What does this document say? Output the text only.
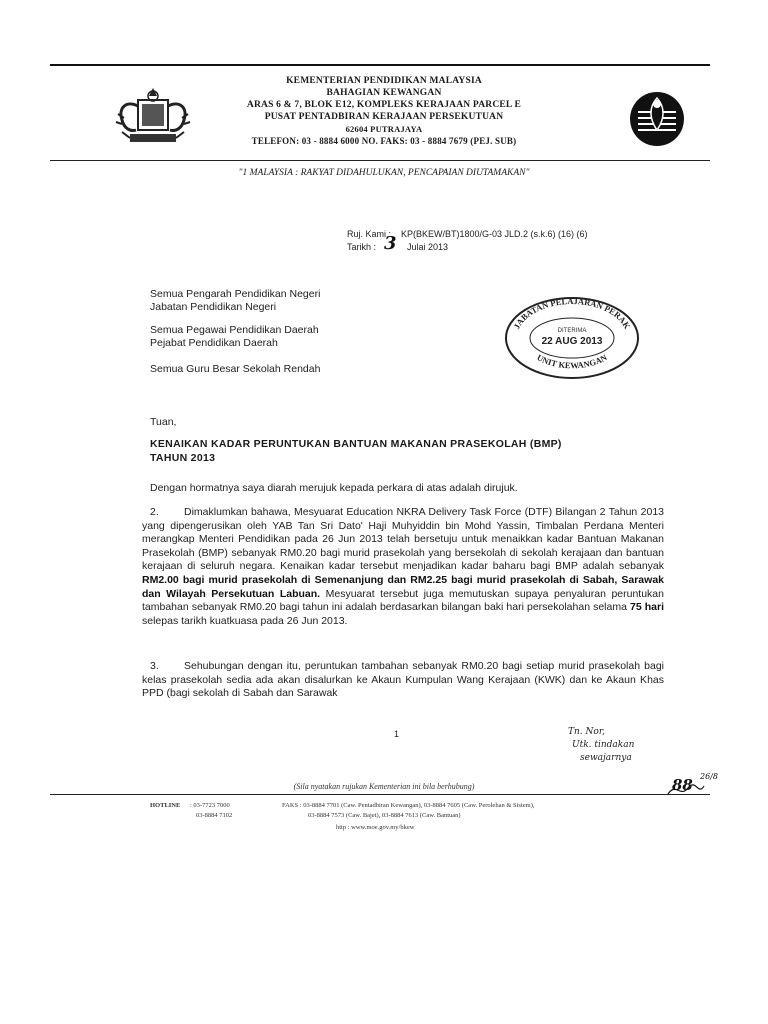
KEMENTERIAN PENDIDIKAN MALAYSIA
BAHAGIAN KEWANGAN
ARAS 6 & 7, BLOK E12, KOMPLEKS KERAJAAN PARCEL E
PUSAT PENTADBIRAN KERAJAAN PERSEKUTUAN
62604 PUTRAJAYA
TELEFON: 03 - 8884 6000 NO. FAKS: 03 - 8884 7679 (PEJ. SUB)
"1 MALAYSIA : RAKYAT DIDAHULUKAN, PENCAPAIAN DIUTAMAKAN"
Ruj. Kami : KP(BKEW/BT)1800/G-03 JLD.2 (s.k.6) (16) (6)
Tarikh : 3 Julai 2013
Semua Pengarah Pendidikan Negeri
Jabatan Pendidikan Negeri
Semua Pegawai Pendidikan Daerah
Pejabat Pendidikan Daerah
Semua Guru Besar Sekolah Rendah
JABATAN PELAJARAN PERAK
UNIT KEWANGAN
DITERIMA
22 AUG 2013
Tuan,
KENAIKAN KADAR PERUNTUKAN BANTUAN MAKANAN PRASEKOLAH (BMP)
TAHUN 2013
Dengan hormatnya saya diarah merujuk kepada perkara di atas adalah dirujuk.
2.	Dimaklumkan bahawa, Mesyuarat Education NKRA Delivery Task Force (DTF) Bilangan 2 Tahun 2013 yang dipengerusikan oleh YAB Tan Sri Dato' Haji Muhyiddin bin Mohd Yassin, Timbalan Perdana Menteri merangkap Menteri Pendidikan pada 26 Jun 2013 telah bersetuju untuk menaikkan kadar Bantuan Makanan Prasekolah (BMP) sebanyak RM0.20 bagi murid prasekolah yang bersekolah di sekolah kerajaan dan bantuan kerajaan di seluruh negara. Kenaikan kadar tersebut menjadikan kadar baharu bagi BMP adalah sebanyak RM2.00 bagi murid prasekolah di Semenanjung dan RM2.25 bagi murid prasekolah di Sabah, Sarawak dan Wilayah Persekutuan Labuan. Mesyuarat tersebut juga memutuskan supaya penyaluran peruntukan tambahan sebanyak RM0.20 bagi tahun ini adalah berdasarkan bilangan baki hari persekolahan selama 75 hari selepas tarikh kuatkuasa pada 26 Jun 2013.
3.	Sehubungan dengan itu, peruntukan tambahan sebanyak RM0.20 bagi setiap murid prasekolah bagi kelas prasekolah sedia ada akan disalurkan ke Akaun Kumpulan Wang Kerajaan (KWK) dan ke Akaun Khas PPD (bagi sekolah di Sabah dan Sarawak
1	Tn. Nor,
Utk. tindakan
sewajarnya
88 26/8
(Sila nyatakan rujukan Kementerian ini bila berhubung)
HOTLINE : 03-7723 7000
03-8884 7102
FAKS : 03-8884 7701 (Caw. Pentadbiran Kewangan), 03-8884 7605 (Caw. Perolehan & Sistem),
03-8884 7573 (Caw. Bajet), 03-8884 7613 (Caw. Bantuan)
http : www.moe.gov.my/bkew
